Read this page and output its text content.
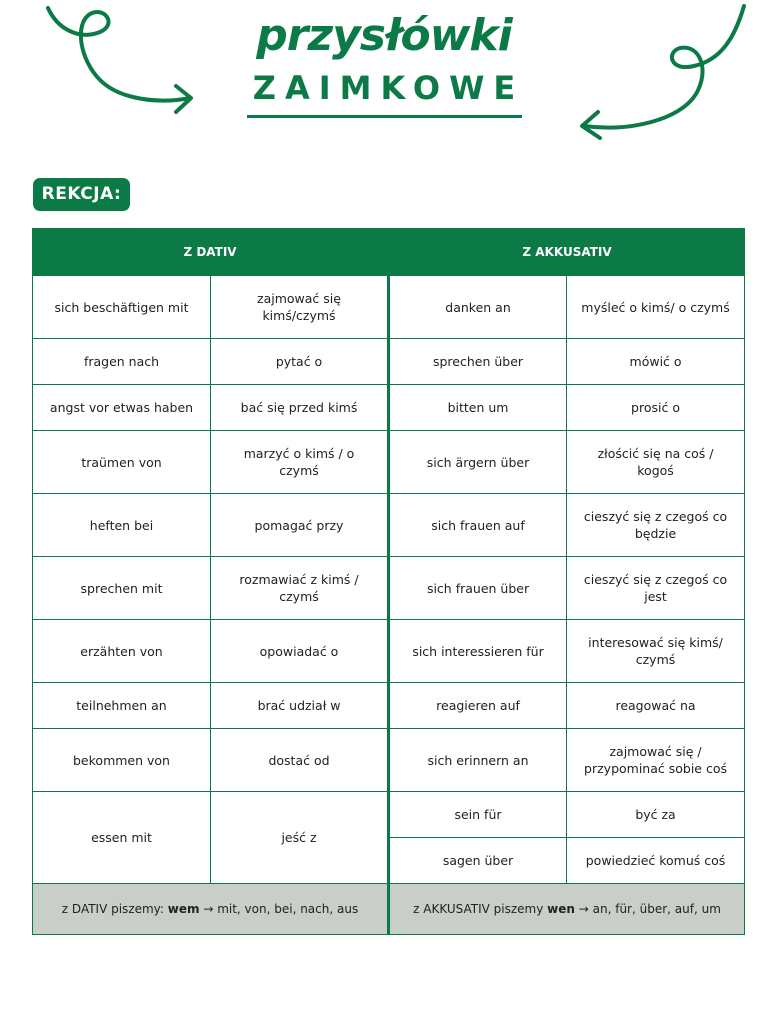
przysłówki
ZAIMKOWE
REKCJA:
Z DATIV		Z AKKUSATIV	
sich beschäftigen mit	zajmować się kimś/czymś	danken an	myśleć o kimś/ o czymś
fragen nach	pytać o	sprechen über	mówić o
angst vor etwas haben	bać się przed kimś	bitten um	prosić o
traümen von	marzyć o kimś / o czymś	sich ärgern über	złościć się na coś / kogoś
heften bei	pomagać przy	sich frauen auf	cieszyć się z czegoś co będzie
sprechen mit	rozmawiać z kimś / czymś	sich frauen über	cieszyć się z czegoś co jest
erzähten von	opowiadać o	sich interessieren für	interesować się kimś/ czymś
teilnehmen an	brać udział w	reagieren auf	reagować na
bekommen von	dostać od	sich erinnern an	zajmować się / przypominać sobie coś
essen mit	jeść z	sein für	być za
		sagen über	powiedzieć komuś coś
z DATIV piszemy: wem → mit, von, bei, nach, aus		z AKKUSATIV piszemy wen → an, für, über, auf, um	
